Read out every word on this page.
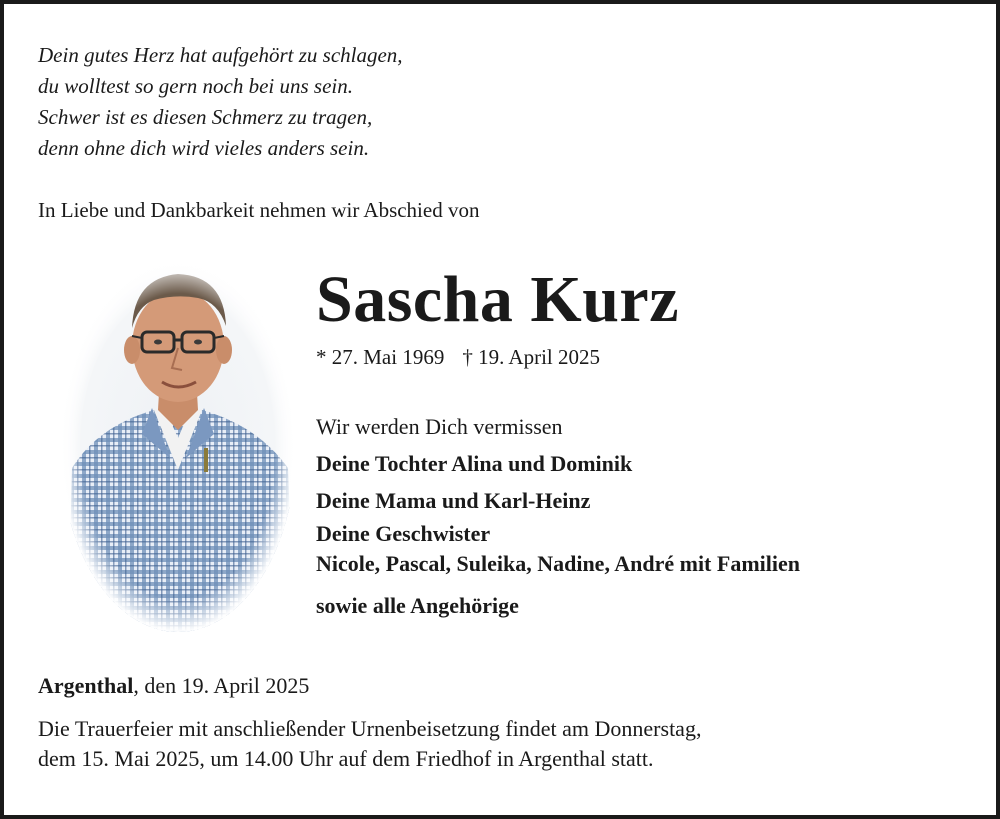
Dein gutes Herz hat aufgehört zu schlagen,
du wolltest so gern noch bei uns sein.
Schwer ist es diesen Schmerz zu tragen,
denn ohne dich wird vieles anders sein.
In Liebe und Dankbarkeit nehmen wir Abschied von
Sascha Kurz
* 27. Mai 1969 † 19. April 2025
Wir werden Dich vermissen
Deine Tochter Alina und Dominik
Deine Mama und Karl-Heinz
Deine Geschwister
Nicole, Pascal, Suleika, Nadine, André mit Familien
sowie alle Angehörige
Argenthal, den 19. April 2025
Die Trauerfeier mit anschließender Urnenbeisetzung findet am Donnerstag,
dem 15. Mai 2025, um 14.00 Uhr auf dem Friedhof in Argenthal statt.
